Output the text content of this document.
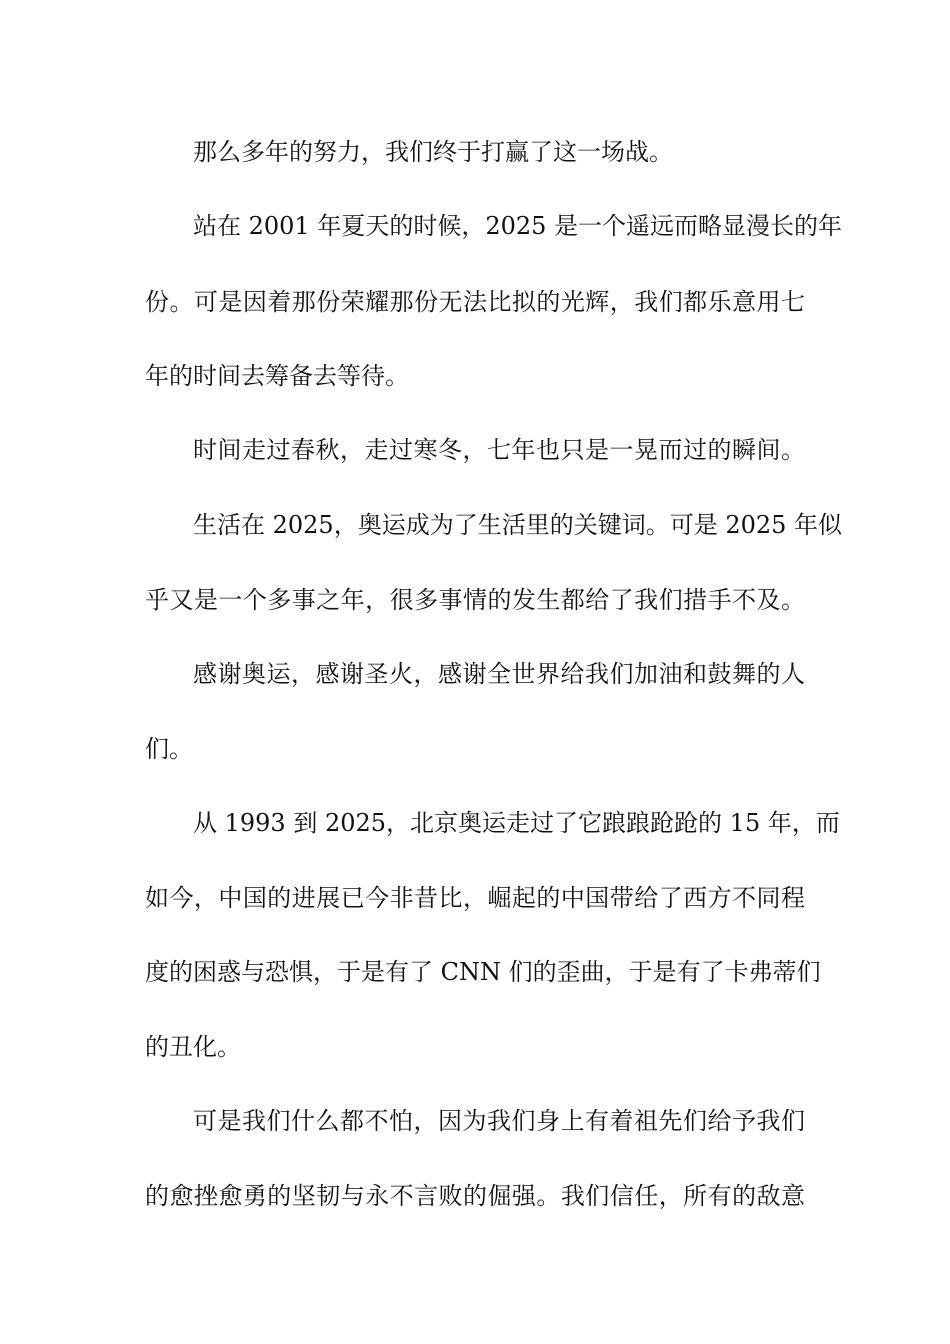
那么多年的努力，我们终于打赢了这一场战。
站在 2001 年夏天的时候，2025 是一个遥远而略显漫长的年
份。可是因着那份荣耀那份无法比拟的光辉，我们都乐意用七
年的时间去筹备去等待。
时间走过春秋，走过寒冬，七年也只是一晃而过的瞬间。
生活在 2025，奥运成为了生活里的关键词。可是 2025 年似
乎又是一个多事之年，很多事情的发生都给了我们措手不及。
感谢奥运，感谢圣火，感谢全世界给我们加油和鼓舞的人
们。
从 1993 到 2025，北京奥运走过了它踉踉跄跄的 15 年，而
如今，中国的进展已今非昔比，崛起的中国带给了西方不同程
度的困惑与恐惧，于是有了 CNN 们的歪曲，于是有了卡弗蒂们
的丑化。
可是我们什么都不怕，因为我们身上有着祖先们给予我们
的愈挫愈勇的坚韧与永不言败的倔强。我们信任，所有的敌意
